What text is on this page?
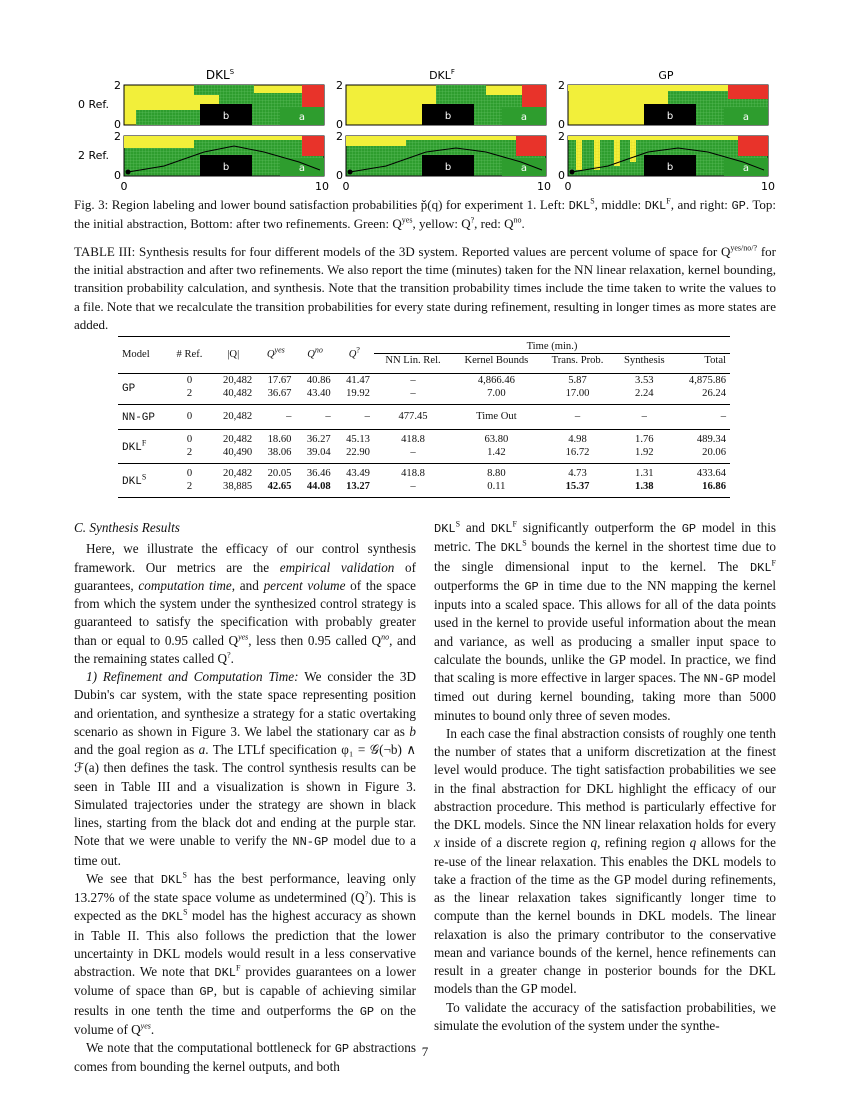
$DKL^S$	$DKL^F$	GP
0 Ref.
2 Ref.
b	a
b	a
b	a
b	a
b	a
b	a
2
0
2
0
2
0
2
0
2
0
2
0
0	10 0	10 0	10
Fig. 3: Region labeling and lower bound satisfaction probabilities p̌(q) for experiment 1. Left: $DKL^S$, middle: $DKL^F$, and right: GP. Top: the initial abstraction, Bottom: after two refinements. Green: $Q^{yes}$, yellow: Q?, red: $Q^{no}$.
TABLE III: Synthesis results for four different models of the 3D system. Reported values are percent volume of space for $Q^{yes/no/?}$ for the initial abstraction and after two refinements. We also report the time (minutes) taken for the NN linear relaxation, kernel bounding, transition probability calculation, and synthesis. Note that the transition probability times include the time taken to write the values to a file. Note that we recalculate the transition probabilities for every state during refinement, resulting in longer times as more states are added.
Model	# Ref.	|Q|	$Q^{yes}$	$Q^{no}$	Q?	Time (min.)				
						NN Lin. Rel.	Kernel Bounds	Trans. Prob.	Synthesis	Total

GP	0	20,482	17.67	40.86	41.47	–	4,866.46	5.87	3.53	4,875.86
	2	40,482	36.67	43.40	19.92	–	7.00	17.00	2.24	26.24

NN-GP	0	20,482	–	–	–	477.45	Time Out	–	–	–

$DKL^F$	0	20,482	18.60	36.27	45.13	418.8	63.80	4.98	1.76	489.34
	2	40,490	38.06	39.04	22.90	–	1.42	16.72	1.92	20.06

$DKL^S$	0	20,482	20.05	36.46	43.49	418.8	8.80	4.73	1.31	433.64
	2	38,885	42.65	44.08	13.27	–	0.11	15.37	1.38	16.86

C. Synthesis Results

Here, we illustrate the efficacy of our control synthesis framework. Our metrics are the empirical validation of guarantees, computation time, and percent volume of the space from which the system under the synthesized control strategy is guaranteed to satisfy the specification with probably greater than or equal to 0.95 called $Q^{yes}$, less then 0.95 called $Q^{no}$, and the remaining states called Q?.

1) Refinement and Computation Time: We consider the 3D Dubin's car system, with the state space representing position and orientation, and synthesize a strategy for a static overtaking scenario as shown in Figure 3. We label the stationary car as b and the goal region as a. The LTLf specification φ₁ = 𝒢(¬b) ∧ ℱ(a) then defines the task. The control synthesis results can be seen in Table III and a visualization is shown in Figure 3. Simulated trajectories under the strategy are shown in black lines, starting from the black dot and ending at the purple star. Note that we were unable to verify the NN-GP model due to a time out.

We see that $DKL^S$ has the best performance, leaving only 13.27% of the state space volume as undetermined (Q?). This is expected as the $DKL^S$ model has the highest accuracy as shown in Table II. This also follows the prediction that the lower uncertainty in DKL models would result in a less conservative abstraction. We note that $DKL^F$ provides guarantees on a lower volume of space than GP, but is capable of achieving similar results in one tenth the time and outperforms the GP on the volume of $Q^{yes}$.

We note that the computational bottleneck for GP abstractions comes from bounding the kernel outputs, and both

$DKL^S$ and $DKL^F$ significantly outperform the GP model in this metric. The $DKL^S$ bounds the kernel in the shortest time due to the single dimensional input to the kernel. The $DKL^F$ outperforms the GP in time due to the NN mapping the kernel inputs into a scaled space. This allows for all of the data points used in the kernel to provide useful information about the mean and variance, as well as producing a smaller input space to calculate the bounds, unlike the GP model. In practice, we find that scaling is more effective in larger spaces. The NN-GP model timed out during kernel bounding, taking more than 5000 minutes to bound only three of seven modes.

In each case the final abstraction consists of roughly one tenth the number of states that a uniform discretization at the finest level would produce. The tight satisfaction probabilities we see in the final abstraction for DKL highlight the efficacy of our abstraction procedure. This method is particularly effective for the DKL models. Since the NN linear relaxation holds for every x inside of a discrete region q, refining region q allows for the re-use of the linear relaxation. This enables the DKL models to take a fraction of the time as the GP model during refinements, as the linear relaxation takes significantly longer time to compute than the kernel bounds in DKL models. The linear relaxation is also the primary contributor to the conservative mean and variance bounds of the kernel, hence refinements can result in a greater change in posterior bounds for the DKL models than the GP model.

To validate the accuracy of the satisfaction probabilities, we simulate the evolution of the system under the synthe-

7
